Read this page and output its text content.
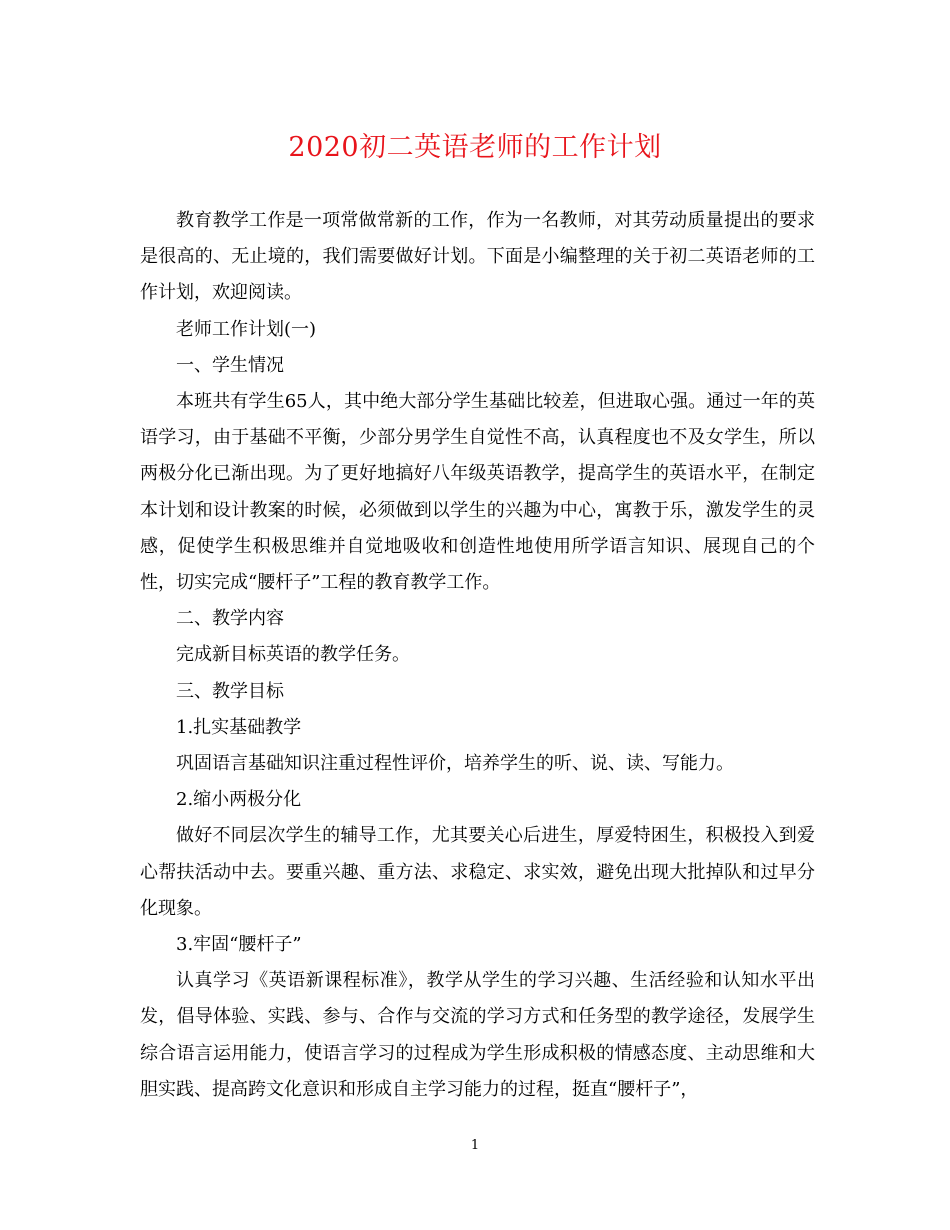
2020初二英语老师的工作计划

教育教学工作是一项常做常新的工作，作为一名教师，对其劳动质量提出的要求是很高的、无止境的，我们需要做好计划。下面是小编整理的关于初二英语老师的工作计划，欢迎阅读。

老师工作计划(一)

一、学生情况

本班共有学生65人，其中绝大部分学生基础比较差，但进取心强。通过一年的英语学习，由于基础不平衡，少部分男学生自觉性不高，认真程度也不及女学生，所以两极分化已渐出现。为了更好地搞好八年级英语教学，提高学生的英语水平，在制定本计划和设计教案的时候，必须做到以学生的兴趣为中心，寓教于乐，激发学生的灵感，促使学生积极思维并自觉地吸收和创造性地使用所学语言知识、展现自己的个性，切实完成“腰杆子”工程的教育教学工作。

二、教学内容

完成新目标英语的教学任务。

三、教学目标

1.扎实基础教学

巩固语言基础知识注重过程性评价，培养学生的听、说、读、写能力。

2.缩小两极分化

做好不同层次学生的辅导工作，尤其要关心后进生，厚爱特困生，积极投入到爱心帮扶活动中去。要重兴趣、重方法、求稳定、求实效，避免出现大批掉队和过早分化现象。

3.牢固“腰杆子”

认真学习《英语新课程标准》，教学从学生的学习兴趣、生活经验和认知水平出发，倡导体验、实践、参与、合作与交流的学习方式和任务型的教学途径，发展学生综合语言运用能力，使语言学习的过程成为学生形成积极的情感态度、主动思维和大胆实践、提高跨文化意识和形成自主学习能力的过程，挺直“腰杆子”，

1
